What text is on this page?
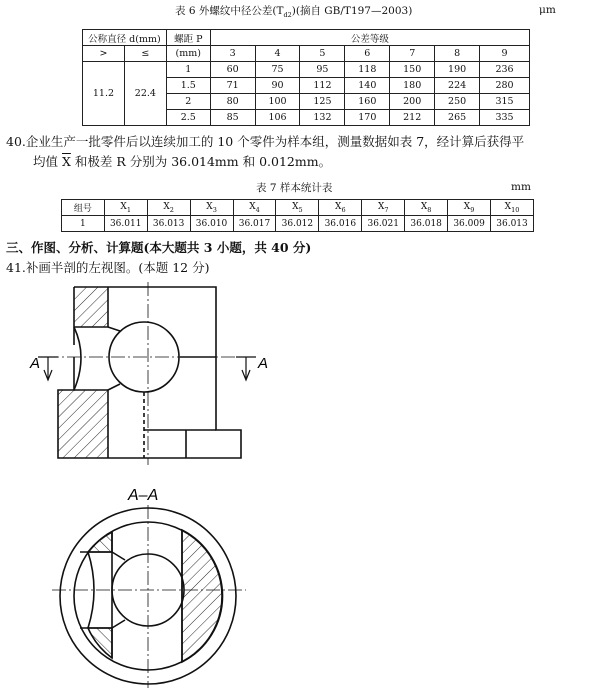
表 6 外螺纹中径公差$(T_{d2})$(摘自 GB/T197—2003)	μm
公称直径 d(mm)		螺距 P	公差等级						
>	≤	(mm)	3	4	5	6	7	8	9
11.2	22.4	1	60	75	95	118	150	190	236
		1.5	71	90	112	140	180	224	280
		2	80	100	125	160	200	250	315
		2.5	85	106	132	170	212	265	335
40.企业生产一批零件后以连续加工的 10 个零件为样本组，测量数据如表 7，经计算后获得平
均值 $\overline{X}$ 和极差 R 分别为 36.014mm 和 0.012mm。
表 7 样本统计表	mm
组号	$X_1$	$X_2$	$X_3$	$X_4$	$X_5$	$X_6$	$X_7$	$X_8$	$X_9$	$X_{10}$
1	36.011	36.013	36.010	36.017	36.012	36.016	36.021	36.018	36.009	36.013
三、作图、分析、计算题(本大题共 3 小题，共 40 分)
41.补画半剖的左视图。(本题 12 分)
A	A
A–A
